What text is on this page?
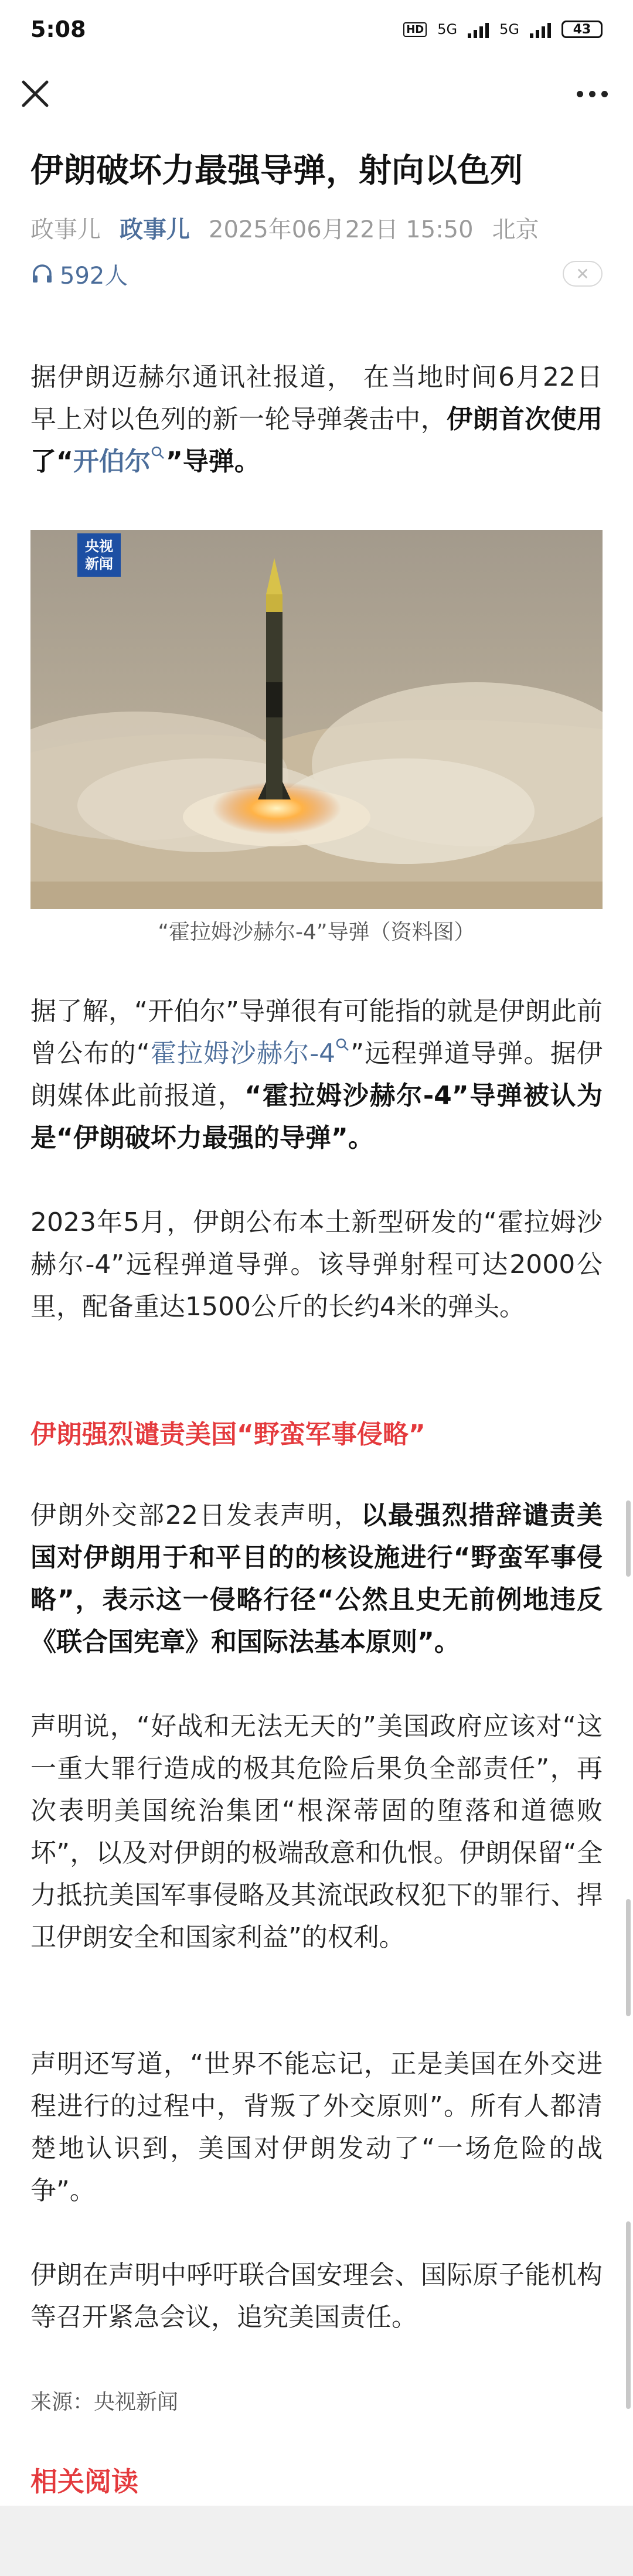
5:08	HD 5G	5G	43
伊朗破坏力最强导弹，射向以色列
政事儿 政事儿 2025年06月22日 15:50 北京
592人	✕

据伊朗迈赫尔通讯社报道， 在当地时间6月22日早上对以色列的新一轮导弹袭击中，伊朗首次使用了“开伯尔 ”导弹。

央视
新闻
“霍拉姆沙赫尔-4”导弹（资料图）

据了解，“开伯尔”导弹很有可能指的就是伊朗此前曾公布的“霍拉姆沙赫尔-4 ”远程弹道导弹。据伊朗媒体此前报道，“霍拉姆沙赫尔-4”导弹被认为是“伊朗破坏力最强的导弹”。

2023年5月，伊朗公布本土新型研发的“霍拉姆沙赫尔-4”远程弹道导弹。该导弹射程可达2000公里，配备重达1500公斤的长约4米的弹头。

伊朗强烈谴责美国“野蛮军事侵略”

伊朗外交部22日发表声明，以最强烈措辞谴责美国对伊朗用于和平目的的核设施进行“野蛮军事侵略”，表示这一侵略行径“公然且史无前例地违反《联合国宪章》和国际法基本原则”。

声明说，“好战和无法无天的”美国政府应该对“这一重大罪行造成的极其危险后果负全部责任”，再次表明美国统治集团“根深蒂固的堕落和道德败坏”，以及对伊朗的极端敌意和仇恨。伊朗保留“全力抵抗美国军事侵略及其流氓政权犯下的罪行、捍卫伊朗安全和国家利益”的权利。

声明还写道，“世界不能忘记，正是美国在外交进程进行的过程中，背叛了外交原则”。所有人都清楚地认识到，美国对伊朗发动了“一场危险的战争”。

伊朗在声明中呼吁联合国安理会、国际原子能机构等召开紧急会议，追究美国责任。

来源：央视新闻
相关阅读
